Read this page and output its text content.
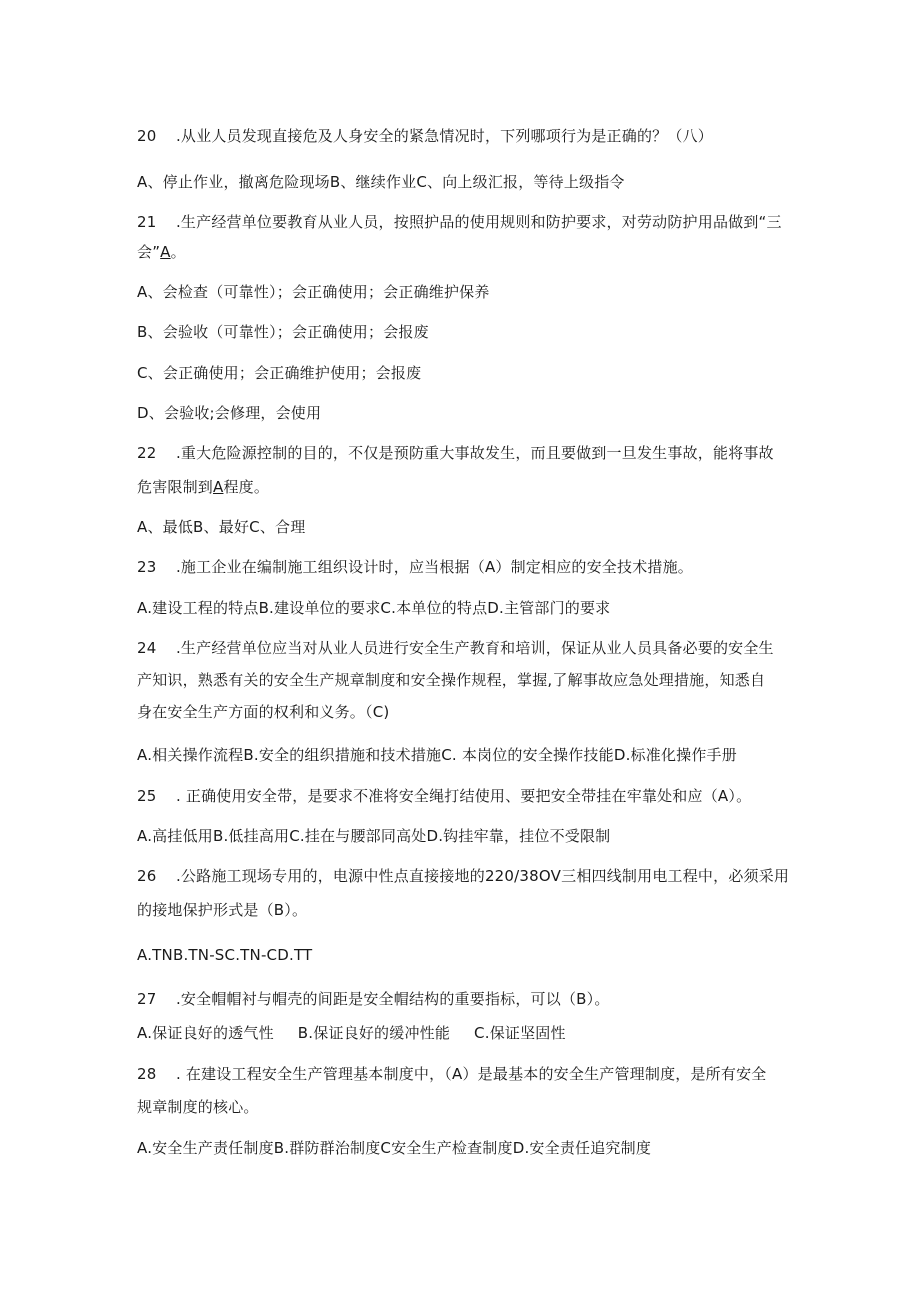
20 .从业人员发现直接危及人身安全的紧急情况时，下列哪项行为是正确的？（八）
A、停止作业，撤离危险现场B、继续作业C、向上级汇报，等待上级指令
21 .生产经营单位要教育从业人员，按照护品的使用规则和防护要求，对劳动防护用品做到“三
会”A。
A、会检查（可靠性）；会正确使用；会正确维护保养
B、会验收（可靠性）；会正确使用；会报废
C、会正确使用；会正确维护使用；会报废
D、会验收;会修理，会使用
22 .重大危险源控制的目的，不仅是预防重大事故发生，而且要做到一旦发生事故，能将事故
危害限制到A程度。
A、最低B、最好C、合理
23 .施工企业在编制施工组织设计时，应当根据（A）制定相应的安全技术措施。
A.建设工程的特点B.建设单位的要求C.本单位的特点D.主管部门的要求
24 .生产经营单位应当对从业人员进行安全生产教育和培训，保证从业人员具备必要的安全生
产知识，熟悉有关的安全生产规章制度和安全操作规程，掌握,了解事故应急处理措施，知悉自
身在安全生产方面的权利和义务。（C)
A.相关操作流程B.安全的组织措施和技术措施C. 本岗位的安全操作技能D.标准化操作手册
25 . 正确使用安全带，是要求不准将安全绳打结使用、要把安全带挂在牢靠处和应（A）。
A.高挂低用B.低挂高用C.挂在与腰部同高处D.钩挂牢靠，挂位不受限制
26 .公路施工现场专用的，电源中性点直接接地的220/38OV三相四线制用电工程中，必须采用
的接地保护形式是（B）。
A.TNB.TN-SC.TN-CD.TT
27 .安全帽帽衬与帽壳的间距是安全帽结构的重要指标，可以（B）。
A.保证良好的透气性 B.保证良好的缓冲性能 C.保证坚固性
28 . 在建设工程安全生产管理基本制度中，（A）是最基本的安全生产管理制度，是所有安全
规章制度的核心。
A.安全生产责任制度B.群防群治制度C安全生产检查制度D.安全责任追究制度
